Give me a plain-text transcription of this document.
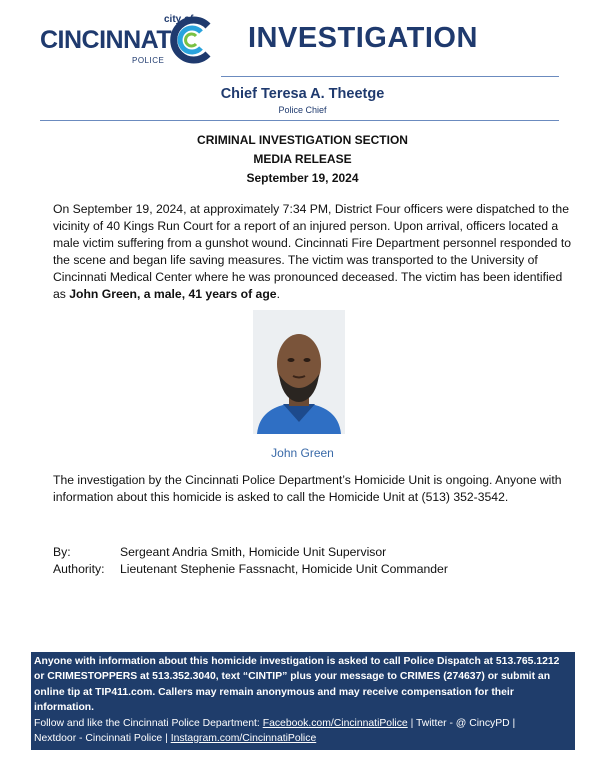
city of
CINCINNATI
POLICE
INVESTIGATION
Chief Teresa A. Theetge
Police Chief
CRIMINAL INVESTIGATION SECTION
MEDIA RELEASE
September 19, 2024
On September 19, 2024, at approximately 7:34 PM, District Four officers were dispatched to the vicinity of 40 Kings Run Court for a report of an injured person. Upon arrival, officers located a male victim suffering from a gunshot wound. Cincinnati Fire Department personnel responded to the scene and began life saving measures. The victim was transported to the University of Cincinnati Medical Center where he was pronounced deceased. The victim has been identified as John Green, a male, 41 years of age.
John Green
The investigation by the Cincinnati Police Department’s Homicide Unit is ongoing. Anyone with information about this homicide is asked to call the Homicide Unit at (513) 352-3542.
By:	Sergeant Andria Smith, Homicide Unit Supervisor
Authority: Lieutenant Stephenie Fassnacht, Homicide Unit Commander
Anyone with information about this homicide investigation is asked to call Police Dispatch at 513.765.1212 or CRIMESTOPPERS at 513.352.3040, text “CINTIP” plus your message to CRIMES (274637) or submit an online tip at TIP411.com. Callers may remain anonymous and may receive compensation for their information.
Follow and like the Cincinnati Police Department: Facebook.com/CincinnatiPolice | Twitter - @ CincyPD |
Nextdoor - Cincinnati Police | Instagram.com/CincinnatiPolice
